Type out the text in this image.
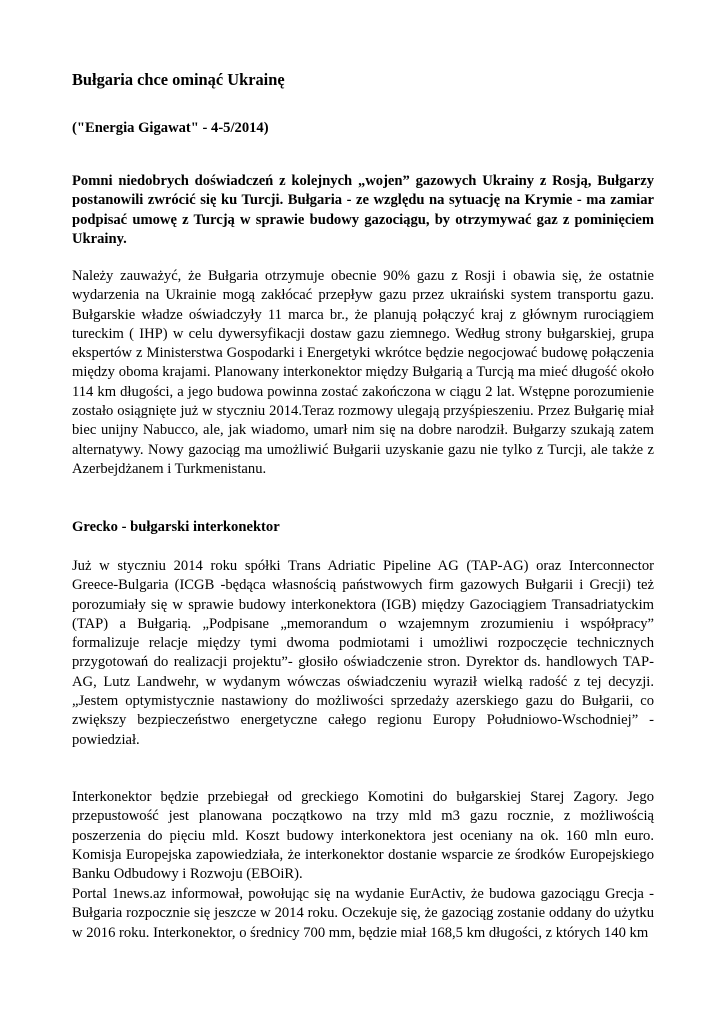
Bułgaria chce ominąć Ukrainę

("Energia Gigawat" - 4-5/2014)

Pomni niedobrych doświadczeń z kolejnych „wojen” gazowych Ukrainy z Rosją, Bułgarzy postanowili zwrócić się ku Turcji. Bułgaria - ze względu na sytuację na Krymie - ma zamiar podpisać umowę z Turcją w sprawie budowy gazociągu, by otrzymywać gaz z pominięciem Ukrainy.

Należy zauważyć, że Bułgaria otrzymuje obecnie 90% gazu z Rosji i obawia się, że ostatnie wydarzenia na Ukrainie mogą zakłócać przepływ gazu przez ukraiński system transportu gazu. Bułgarskie władze oświadczyły 11 marca br., że planują połączyć kraj z głównym rurociągiem tureckim ( IHP) w celu dywersyfikacji dostaw gazu ziemnego. Według strony bułgarskiej, grupa ekspertów z Ministerstwa Gospodarki i Energetyki wkrótce będzie negocjować budowę połączenia między oboma krajami. Planowany interkonektor między Bułgarią a Turcją ma mieć długość około 114 km długości, a jego budowa powinna zostać zakończona w ciągu 2 lat. Wstępne porozumienie zostało osiągnięte już w styczniu 2014.Teraz rozmowy ulegają przyśpieszeniu. Przez Bułgarię miał biec unijny Nabucco, ale, jak wiadomo, umarł nim się na dobre narodził. Bułgarzy szukają zatem alternatywy. Nowy gazociąg ma umożliwić Bułgarii uzyskanie gazu nie tylko z Turcji, ale także z Azerbejdżanem i Turkmenistanu.

Grecko - bułgarski interkonektor

Już w styczniu 2014 roku spółki Trans Adriatic Pipeline AG (TAP-AG) oraz Interconnector Greece-Bulgaria (ICGB -będąca własnością państwowych firm gazowych Bułgarii i Grecji) też porozumiały się w sprawie budowy interkonektora (IGB) między Gazociągiem Transadriatyckim (TAP) a Bułgarią. „Podpisane „memorandum o wzajemnym zrozumieniu i współpracy” formalizuje relacje między tymi dwoma podmiotami i umożliwi rozpoczęcie technicznych przygotowań do realizacji projektu”- głosiło oświadczenie stron. Dyrektor ds. handlowych TAP-AG, Lutz Landwehr, w wydanym wówczas oświadczeniu wyraził wielką radość z tej decyzji. „Jestem optymistycznie nastawiony do możliwości sprzedaży azerskiego gazu do Bułgarii, co zwiększy bezpieczeństwo energetyczne całego regionu Europy Południowo-Wschodniej” - powiedział.

Interkonektor będzie przebiegał od greckiego Komotini do bułgarskiej Starej Zagory. Jego przepustowość jest planowana początkowo na trzy mld m3 gazu rocznie, z możliwością poszerzenia do pięciu mld. Koszt budowy interkonektora jest oceniany na ok. 160 mln euro. Komisja Europejska zapowiedziała, że interkonektor dostanie wsparcie ze środków Europejskiego Banku Odbudowy i Rozwoju (EBOiR).

Portal 1news.az informował, powołując się na wydanie EurActiv, że budowa gazociągu Grecja - Bułgaria rozpocznie się jeszcze w 2014 roku. Oczekuje się, że gazociąg zostanie oddany do użytku w 2016 roku. Interkonektor, o średnicy 700 mm, będzie miał 168,5 km długości, z których 140 km
